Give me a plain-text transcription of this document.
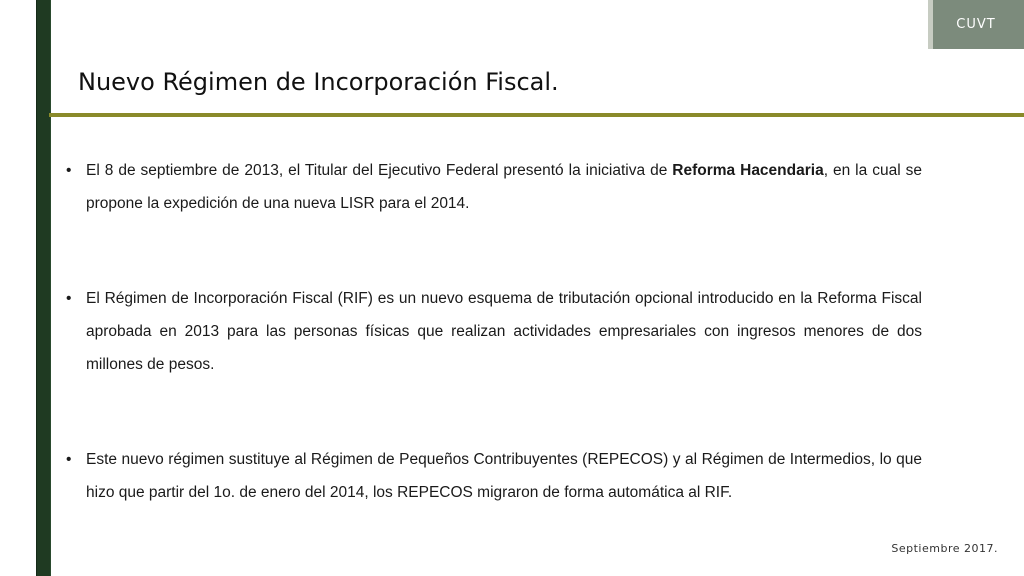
CUVT
Nuevo Régimen de Incorporación Fiscal.
• El 8 de septiembre de 2013, el Titular del Ejecutivo Federal presentó la iniciativa de Reforma Hacendaria, en la cual se propone la expedición de una nueva LISR para el 2014.
• El Régimen de Incorporación Fiscal (RIF) es un nuevo esquema de tributación opcional introducido en la Reforma Fiscal aprobada en 2013 para las personas físicas que realizan actividades empresariales con ingresos menores de dos millones de pesos.
• Este nuevo régimen sustituye al Régimen de Pequeños Contribuyentes (REPECOS) y al Régimen de Intermedios, lo que hizo que partir del 1o. de enero del 2014, los REPECOS migraron de forma automática al RIF.
Septiembre 2017.
